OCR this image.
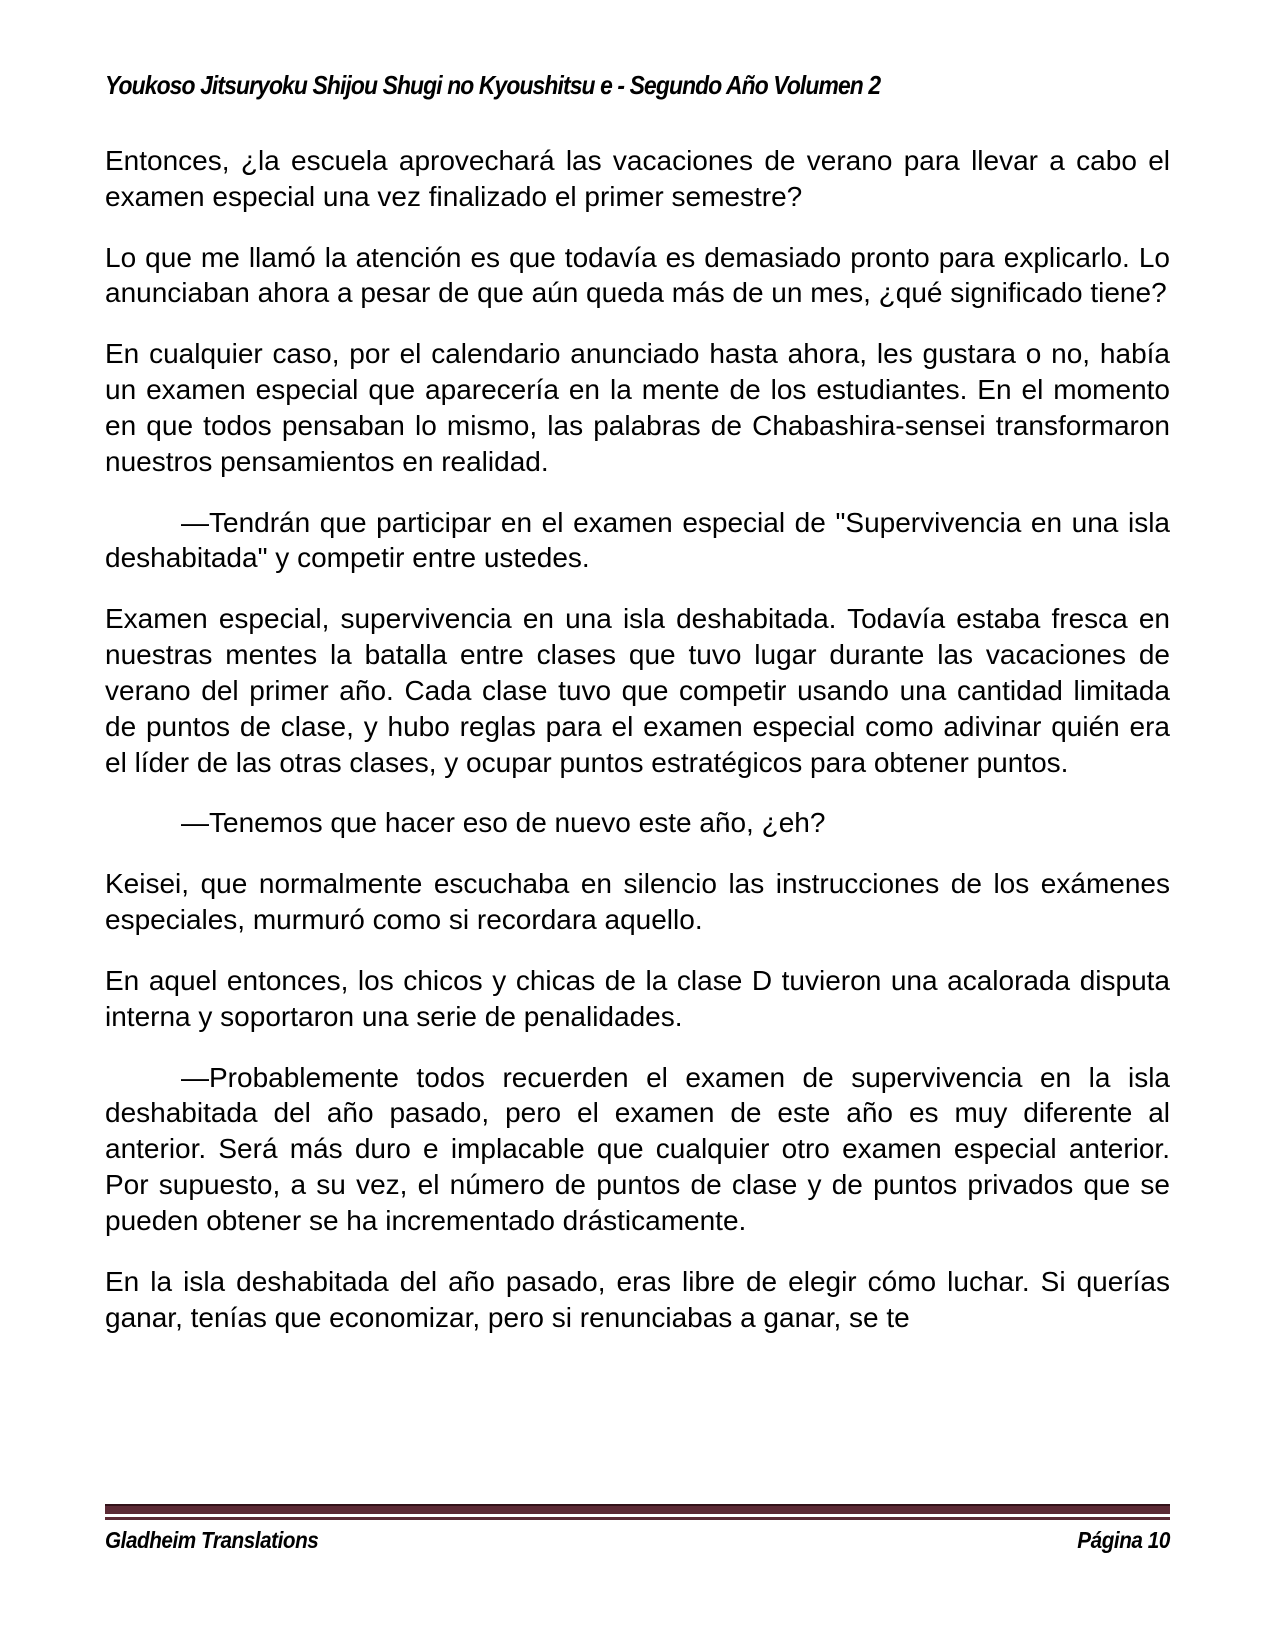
Youkoso Jitsuryoku Shijou Shugi no Kyoushitsu e - Segundo Año Volumen 2

Entonces, ¿la escuela aprovechará las vacaciones de verano para llevar a cabo el examen especial una vez finalizado el primer semestre?

Lo que me llamó la atención es que todavía es demasiado pronto para explicarlo. Lo anunciaban ahora a pesar de que aún queda más de un mes, ¿qué significado tiene?

En cualquier caso, por el calendario anunciado hasta ahora, les gustara o no, había un examen especial que aparecería en la mente de los estudiantes. En el momento en que todos pensaban lo mismo, las palabras de Chabashira-sensei transformaron nuestros pensamientos en realidad.

—Tendrán que participar en el examen especial de "Supervivencia en una isla deshabitada" y competir entre ustedes.

Examen especial, supervivencia en una isla deshabitada. Todavía estaba fresca en nuestras mentes la batalla entre clases que tuvo lugar durante las vacaciones de verano del primer año. Cada clase tuvo que competir usando una cantidad limitada de puntos de clase, y hubo reglas para el examen especial como adivinar quién era el líder de las otras clases, y ocupar puntos estratégicos para obtener puntos.

—Tenemos que hacer eso de nuevo este año, ¿eh?

Keisei, que normalmente escuchaba en silencio las instrucciones de los exámenes especiales, murmuró como si recordara aquello.

En aquel entonces, los chicos y chicas de la clase D tuvieron una acalorada disputa interna y soportaron una serie de penalidades.

—Probablemente todos recuerden el examen de supervivencia en la isla deshabitada del año pasado, pero el examen de este año es muy diferente al anterior. Será más duro e implacable que cualquier otro examen especial anterior. Por supuesto, a su vez, el número de puntos de clase y de puntos privados que se pueden obtener se ha incrementado drásticamente.

En la isla deshabitada del año pasado, eras libre de elegir cómo luchar. Si querías ganar, tenías que economizar, pero si renunciabas a ganar, se te

Gladheim Translations	Página 10
